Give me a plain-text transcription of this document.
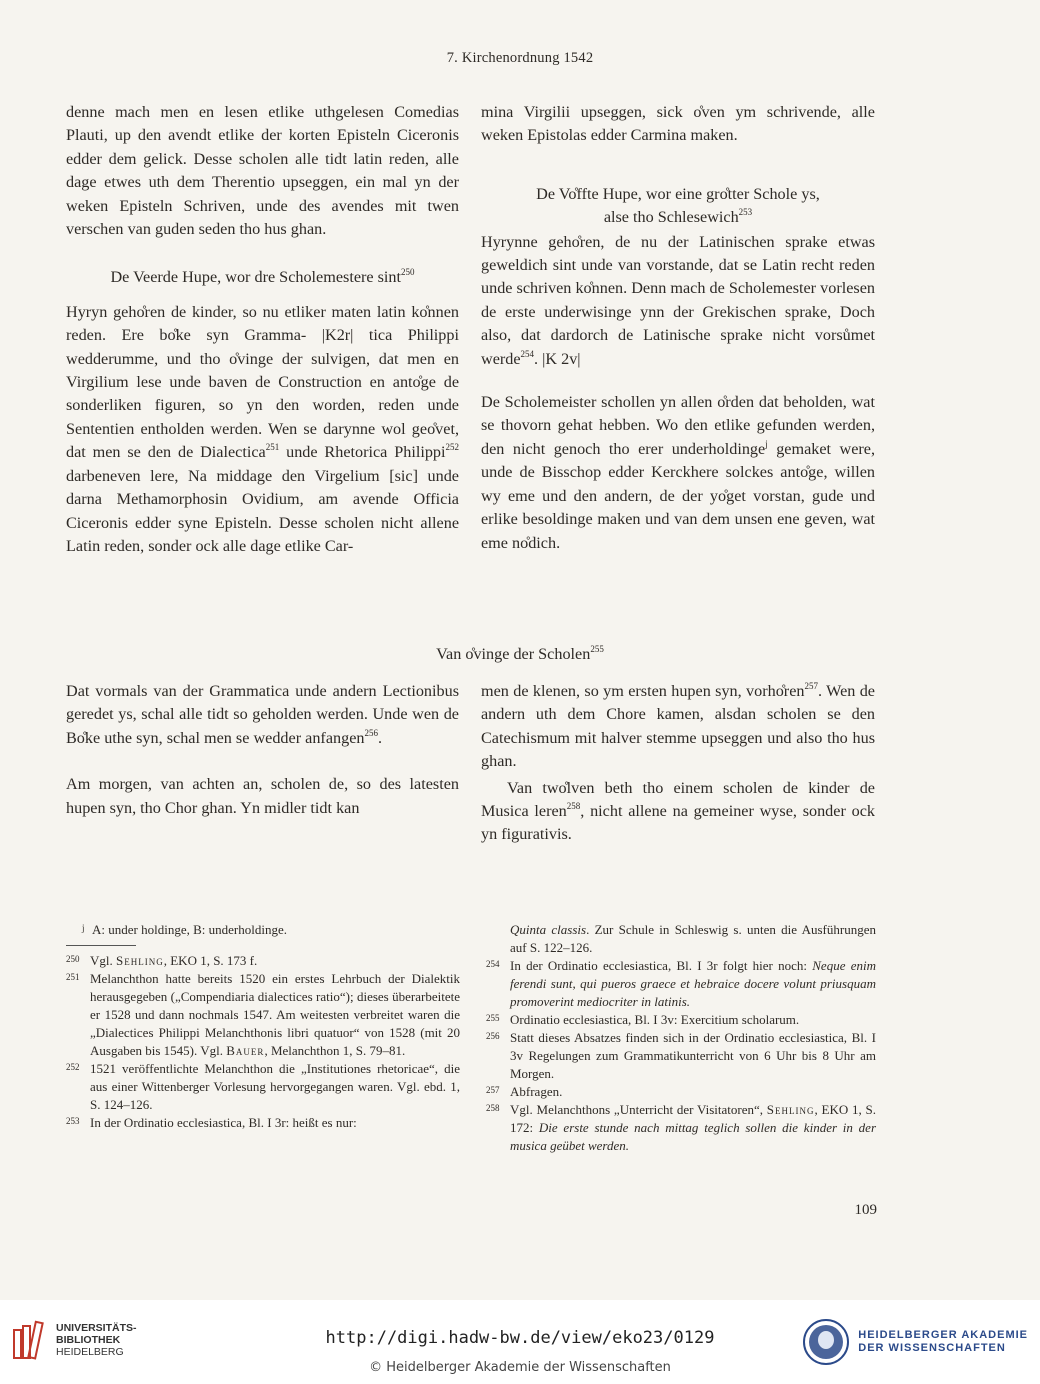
7. Kirchenordnung 1542

denne mach men en lesen etlike uthgelesen Comedias Plauti, up den avendt etlike der korten Episteln Ciceronis edder dem gelick. Desse scholen alle tidt latin reden, alle dage etwes uth dem Therentio upseggen, ein mal yn der weken Episteln Schriven, unde des avendes mit twen verschen van guden seden tho hus ghan.

De Veerde Hupe, wor dre Scholemestere sint$^{250}$

Hyryn geho̊ren de kinder, so nu etliker maten latin ko̊nnen reden. Ere bo̊ke syn Gramma- |K2r| tica Philippi wedderumme, und tho o̊vinge der sulvigen, dat men en Virgilium lese unde baven de Construction en anto̊ge de sonderliken figuren, so yn den worden, reden unde Sententien entholden werden. Wen se darynne wol geo̊vet, dat men se den de Dialectica$^{251}$ unde Rhetorica Philippi$^{252}$ darbeneven lere, Na middage den Virgelium [sic] unde darna Methamorphosin Ovidium, am avende Officia Ciceronis edder syne Episteln. Desse scholen nicht allene Latin reden, sonder ock alle dage etlike Car-

mina Virgilii upseggen, sick o̊ven ym schrivende, alle weken Epistolas edder Carmina maken.

De Vo̊ffte Hupe, wor eine gro̊tter Schole ys,
alse tho Schlesewich$^{253}$

Hyrynne geho̊ren, de nu der Latinischen sprake etwas geweldich sint unde van vorstande, dat se Latin recht reden unde schriven ko̊nnen. Denn mach de Scholemester vorlesen de erste underwisinge ynn der Grekischen sprake, Doch also, dat dardorch de Latinische sprake nicht vorsůmet werde$^{254}$. |K 2v|

De Scholemeister schollen yn allen o̊rden dat beholden, wat se thovorn gehat hebben. Wo den etlike gefunden werden, den nicht genoch tho erer underholdinge$^j$ gemaket were, unde de Bisschop edder Kerckhere solckes anto̊ge, willen wy eme und den andern, de der yo̊get vorstan, gude und erlike besoldinge maken und van dem unsen ene geven, wat eme no̊dich.

Van o̊vinge der Scholen$^{255}$

Dat vormals van der Grammatica unde andern Lectionibus geredet ys, schal alle tidt so geholden werden. Unde wen de Bo̊ke uthe syn, schal men se wedder anfangen$^{256}$.

Am morgen, van achten an, scholen de, so des latesten hupen syn, tho Chor ghan. Yn midler tidt kan

men de klenen, so ym ersten hupen syn, vorho̊ren$^{257}$. Wen de andern uth dem Chore kamen, alsdan scholen se den Catechismum mit halver stemme upseggen und also tho hus ghan.

Van two̊lven beth tho einem scholen de kinder de Musica leren$^{258}$, nicht allene na gemeiner wyse, sonder ock yn figurativis.

j A: under holdinge, B: underholdinge.
250 Vgl. Sehling, EKO 1, S. 173 f.
251 Melanchthon hatte bereits 1520 ein erstes Lehrbuch der Dialektik herausgegeben („Compendiaria dialectices ratio“); dieses überarbeitete er 1528 und dann nochmals 1547. Am weitesten verbreitet waren die „Dialectices Philippi Melanchthonis libri quatuor“ von 1528 (mit 20 Ausgaben bis 1545). Vgl. Bauer, Melanchthon 1, S. 79–81.
252 1521 veröffentlichte Melanchthon die „Institutiones rhetoricae“, die aus einer Wittenberger Vorlesung hervorgegangen waren. Vgl. ebd. 1, S. 124–126.
253 In der Ordinatio ecclesiastica, Bl. I 3r: heißt es nur:
Quinta classis. Zur Schule in Schleswig s. unten die Ausführungen auf S. 122–126.
254 In der Ordinatio ecclesiastica, Bl. I 3r folgt hier noch: Neque enim ferendi sunt, qui pueros graece et hebraice docere volunt priusquam promoverint mediocriter in latinis.
255 Ordinatio ecclesiastica, Bl. I 3v: Exercitium scholarum.
256 Statt dieses Absatzes finden sich in der Ordinatio ecclesiastica, Bl. I 3v Regelungen zum Grammatikunterricht von 6 Uhr bis 8 Uhr am Morgen.
257 Abfragen.
258 Vgl. Melanchthons „Unterricht der Visitatoren“, Sehling, EKO 1, S. 172: Die erste stunde nach mittag teglich sollen die kinder in der musica geübet werden.
109
UNIVERSITÄTS-
BIBLIOTHEK
HEIDELBERG
http://digi.hadw-bw.de/view/eko23/0129
© Heidelberger Akademie der Wissenschaften
HEIDELBERGER AKADEMIE
DER WISSENSCHAFTEN
